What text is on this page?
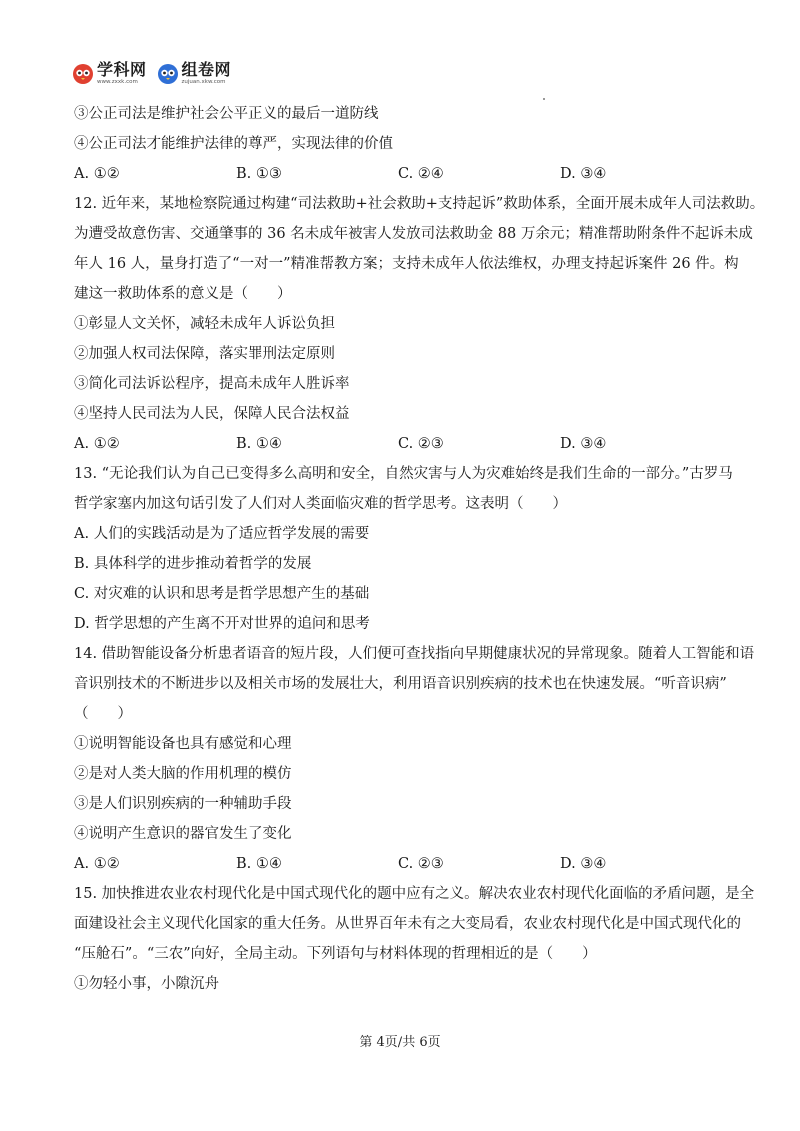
学科网
www.zxxk.com
组卷网
zujuan.xkw.com
③公正司法是维护社会公平正义的最后一道防线
④公正司法才能维护法律的尊严，实现法律的价值
A. ①②	B. ①③	C. ②④	D. ③④
12. 近年来，某地检察院通过构建“司法救助+社会救助+支持起诉”救助体系，全面开展未成年人司法救助。
为遭受故意伤害、交通肇事的 36 名未成年被害人发放司法救助金 88 万余元；精准帮助附条件不起诉未成
年人 16 人，量身打造了“一对一”精准帮教方案；支持未成年人依法维权，办理支持起诉案件 26 件。构
建这一救助体系的意义是（　　）
①彰显人文关怀，减轻未成年人诉讼负担
②加强人权司法保障，落实罪刑法定原则
③简化司法诉讼程序，提高未成年人胜诉率
④坚持人民司法为人民，保障人民合法权益
A. ①②	B. ①④	C. ②③	D. ③④
13. “无论我们认为自己已变得多么高明和安全，自然灾害与人为灾难始终是我们生命的一部分。”古罗马
哲学家塞内加这句话引发了人们对人类面临灾难的哲学思考。这表明（　　）
A. 人们的实践活动是为了适应哲学发展的需要
B. 具体科学的进步推动着哲学的发展
C. 对灾难的认识和思考是哲学思想产生的基础
D. 哲学思想的产生离不开对世界的追问和思考
14. 借助智能设备分析患者语音的短片段，人们便可查找指向早期健康状况的异常现象。随着人工智能和语
音识别技术的不断进步以及相关市场的发展壮大，利用语音识别疾病的技术也在快速发展。“听音识病”
（　　）
①说明智能设备也具有感觉和心理
②是对人类大脑的作用机理的模仿
③是人们识别疾病的一种辅助手段
④说明产生意识的器官发生了变化
A. ①②	B. ①④	C. ②③	D. ③④
15. 加快推进农业农村现代化是中国式现代化的题中应有之义。解决农业农村现代化面临的矛盾问题，是全
面建设社会主义现代化国家的重大任务。从世界百年未有之大变局看，农业农村现代化是中国式现代化的
“压舱石”。“三农”向好，全局主动。下列语句与材料体现的哲理相近的是（　　）
①勿轻小事，小隙沉舟
第 4页/共 6页
